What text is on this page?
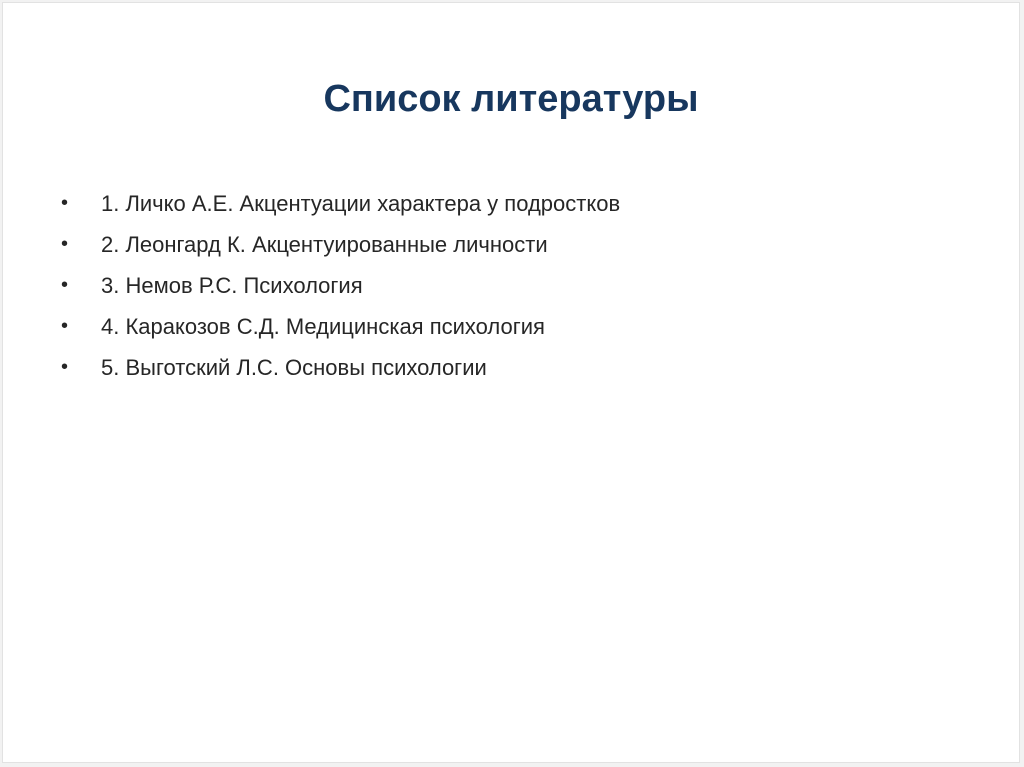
Список литературы
• 1. Личко А.Е. Акцентуации характера у подростков
• 2. Леонгард К. Акцентуированные личности
• 3. Немов Р.С. Психология
• 4. Каракозов С.Д. Медицинская психология
• 5. Выготский Л.С. Основы психологии
